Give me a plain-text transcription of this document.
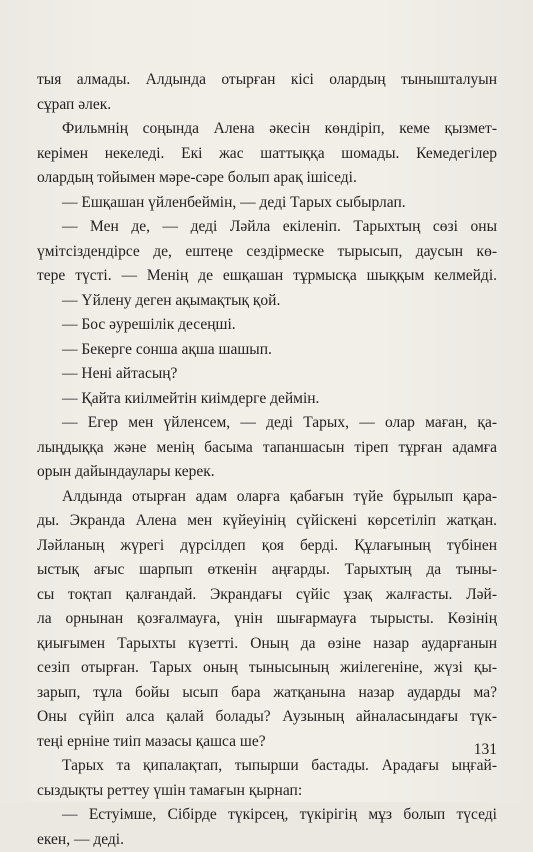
тыя алмады. Алдында отырған кісі олардың тынышталуын
сұрап әлек.
Фильмнің соңында Алена әкесін көндіріп, кеме қызмет-
керімен некеледі. Екі жас шаттыққа шомады. Кемедегілер
олардың тойымен мәре-сәре болып арақ ішіседі.
— Ешқашан үйленбеймін, — деді Тарых сыбырлап.
— Мен де, — деді Ләйла екіленіп. Тарыхтың сөзі оны
үмітсіздендірсе де, ештеңе сездірмеске тырысып, даусын кө-
тере түсті. — Менің де ешқашан тұрмысқа шыққым келмейді.
— Үйлену деген ақымақтық қой.
— Бос әурешілік десеңші.
— Бекерге соншa ақша шашып.
— Нені айтасың?
— Қайта киілмейтін киімдерге деймін.
— Егер мен үйленсем, — деді Тарых, — олар маған, қа-
лыңдыққа және менің басыма тапаншасын тіреп тұрған адамға
орын дайындаулары керек.
Алдында отырған адам оларға қабағын түйе бұрылып қара-
ды. Экранда Алена мен күйеуінің сүйіскені көрсетіліп жатқан.
Ләйланың жүрегі дүрсілдеп қоя берді. Құлағының түбінен
ыстық ағыс шарпып өткенін аңғарды. Тарыхтың да тыны-
сы тоқтап қалғандай. Экрандағы сүйіс ұзақ жалғасты. Ләй-
ла орнынан қозғалмауға, үнін шығармауға тырысты. Көзінің
қиығымен Тарыхты күзетті. Оның да өзіне назар аударғанын
сезіп отырған. Тарых оның тынысының жиілегеніне, жүзі қы-
зарып, тұла бойы ысып бара жатқанына назар аударды ма?
Оны сүйіп алса қалай болады? Аузының айналасындағы түк-
теңі ерніне тиіп мазасы қашса ше?
Тарых та қипалақтап, тыпырши бастады. Арадағы ыңғай-
сыздықты реттеу үшін тамағын қырнап:
— Естуімше, Сібірде түкірсең, түкірігің мұз болып түседі
екен, — деді.
131
